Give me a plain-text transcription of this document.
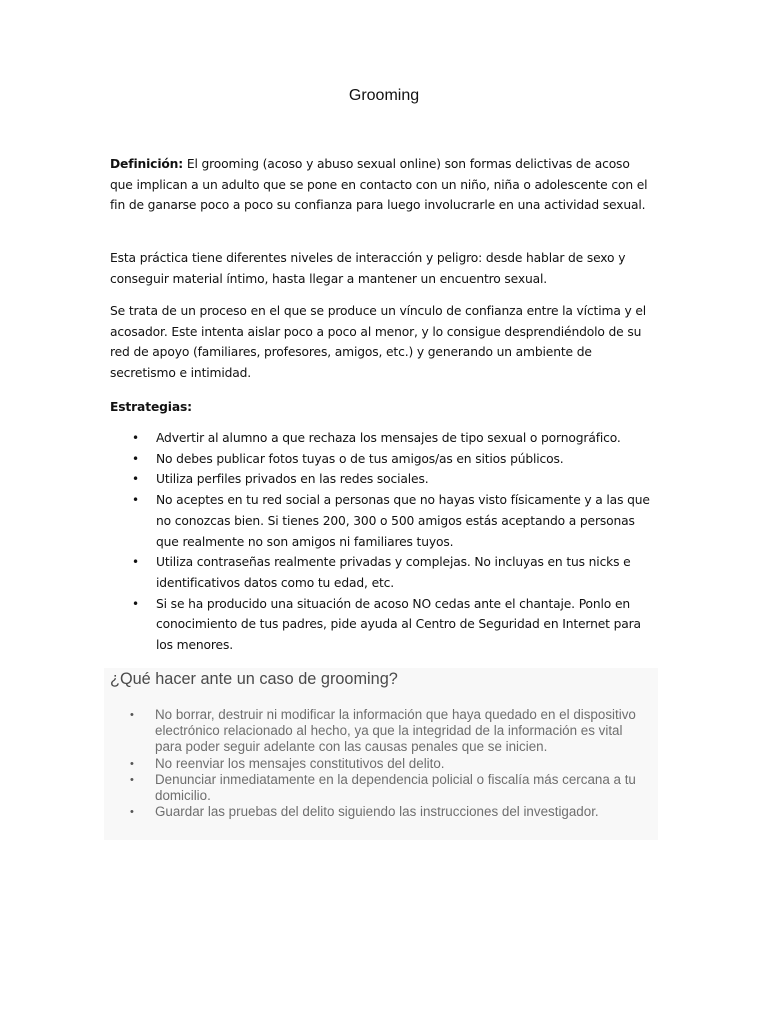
Grooming

Definición: El grooming (acoso y abuso sexual online) son formas delictivas de acoso que implican a un adulto que se pone en contacto con un niño, niña o adolescente con el fin de ganarse poco a poco su confianza para luego involucrarle en una actividad sexual.

Esta práctica tiene diferentes niveles de interacción y peligro: desde hablar de sexo y conseguir material íntimo, hasta llegar a mantener un encuentro sexual.

Se trata de un proceso en el que se produce un vínculo de confianza entre la víctima y el acosador. Este intenta aislar poco a poco al menor, y lo consigue desprendiéndolo de su red de apoyo (familiares, profesores, amigos, etc.) y generando un ambiente de secretismo e intimidad.

Estrategias:
• Advertir al alumno a que rechaza los mensajes de tipo sexual o pornográfico.
• No debes publicar fotos tuyas o de tus amigos/as en sitios públicos.
• Utiliza perfiles privados en las redes sociales.
• No aceptes en tu red social a personas que no hayas visto físicamente y a las que no conozcas bien. Si tienes 200, 300 o 500 amigos estás aceptando a personas que realmente no son amigos ni familiares tuyos.
• Utiliza contraseñas realmente privadas y complejas. No incluyas en tus nicks e identificativos datos como tu edad, etc.
• Si se ha producido una situación de acoso NO cedas ante el chantaje. Ponlo en conocimiento de tus padres, pide ayuda al Centro de Seguridad en Internet para los menores.
¿Qué hacer ante un caso de grooming?
• No borrar, destruir ni modificar la información que haya quedado en el dispositivo electrónico relacionado al hecho, ya que la integridad de la información es vital para poder seguir adelante con las causas penales que se inicien.
• No reenviar los mensajes constitutivos del delito.
• Denunciar inmediatamente en la dependencia policial o fiscalía más cercana a tu domicilio.
• Guardar las pruebas del delito siguiendo las instrucciones del investigador.
